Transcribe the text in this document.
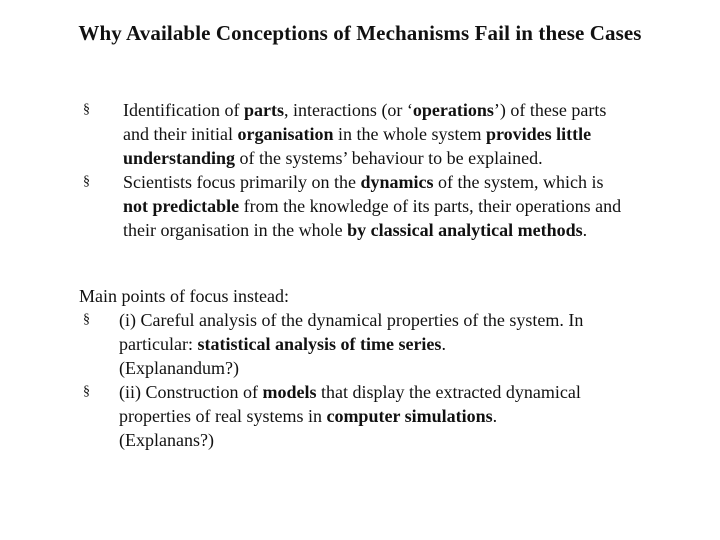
Why Available Conceptions of Mechanisms Fail in these Cases
§	Identification of parts, interactions (or ‘operations’) of these parts
and their initial organisation in the whole system provides little
understanding of the systems’ behaviour to be explained.
§	Scientists focus primarily on the dynamics of the system, which is
not predictable from the knowledge of its parts, their operations and
their organisation in the whole by classical analytical methods.
Main points of focus instead:
§	(i) Careful analysis of the dynamical properties of the system. In
particular: statistical analysis of time series.
(Explanandum?)
§	(ii) Construction of models that display the extracted dynamical
properties of real systems in computer simulations.
(Explanans?)
